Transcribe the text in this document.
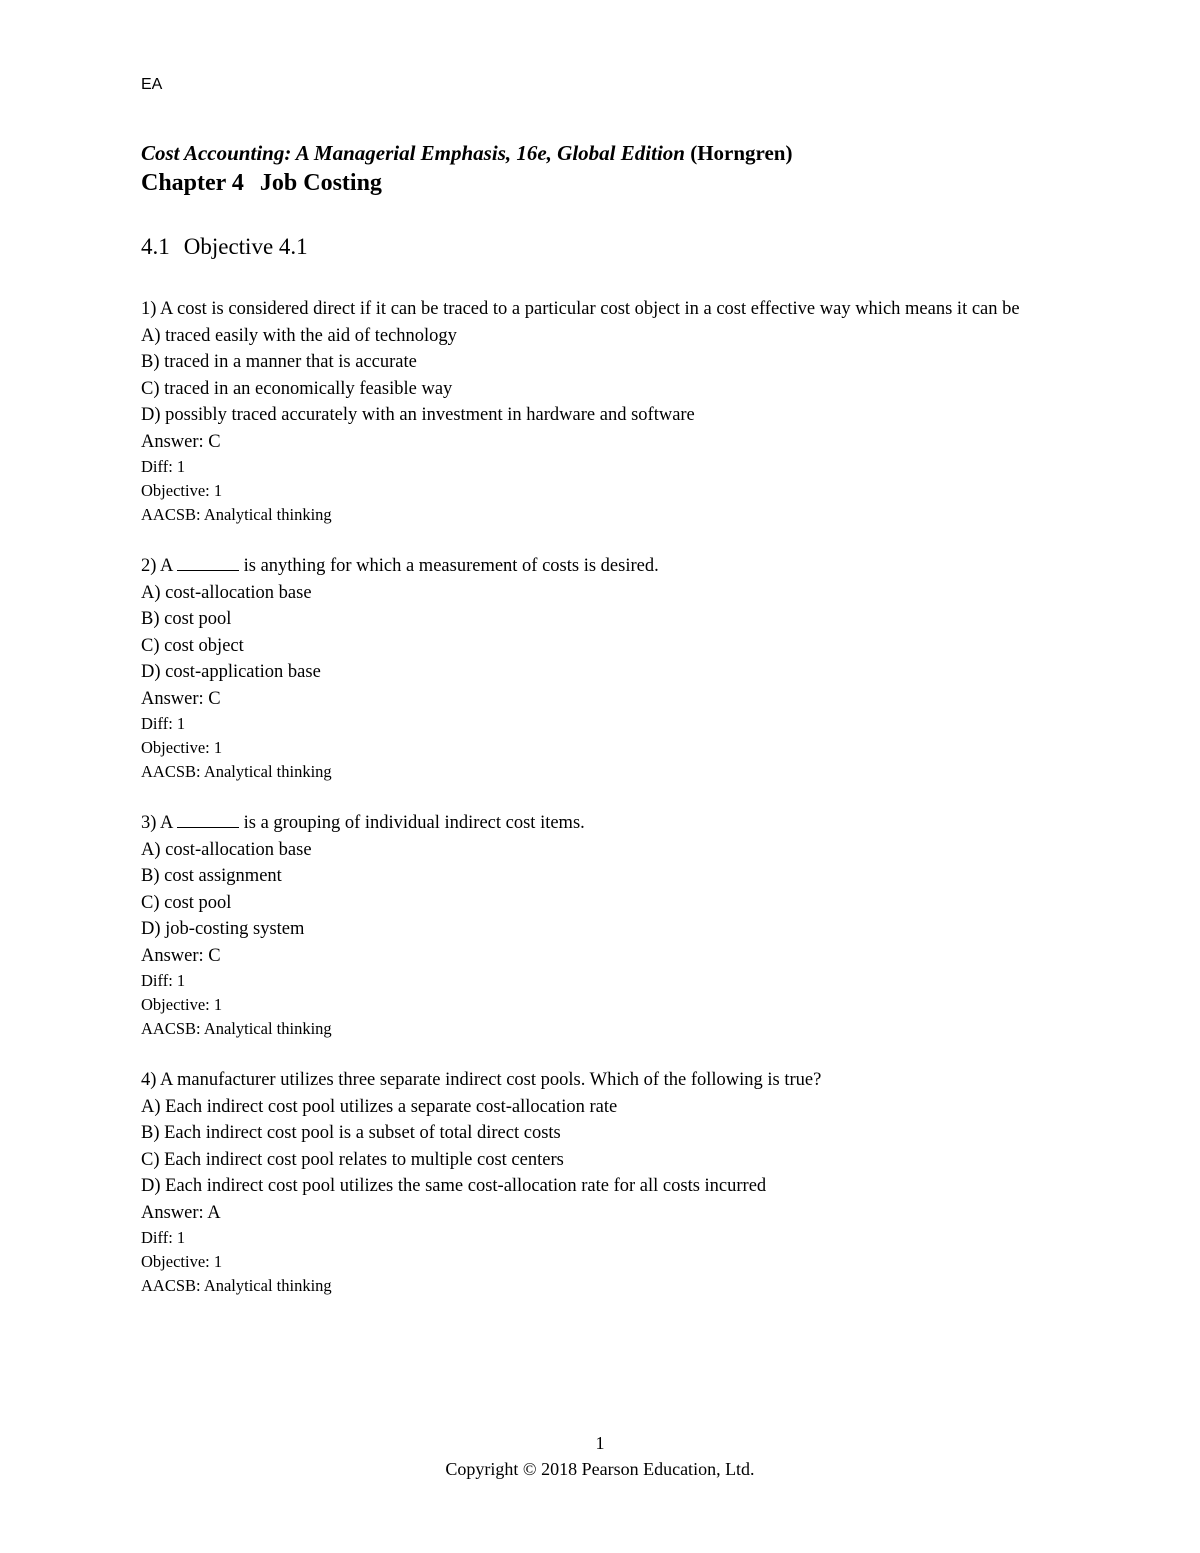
EA
Cost Accounting: A Managerial Emphasis, 16e, Global Edition (Horngren)
Chapter 4 Job Costing
4.1 Objective 4.1
1) A cost is considered direct if it can be traced to a particular cost object in a cost effective way which means it can be
A) traced easily with the aid of technology
B) traced in a manner that is accurate
C) traced in an economically feasible way
D) possibly traced accurately with an investment in hardware and software
Answer: C
Diff: 1
Objective: 1
AACSB: Analytical thinking
2) A	is anything for which a measurement of costs is desired.
A) cost-allocation base
B) cost pool
C) cost object
D) cost-application base
Answer: C
Diff: 1
Objective: 1
AACSB: Analytical thinking
3) A	is a grouping of individual indirect cost items.
A) cost-allocation base
B) cost assignment
C) cost pool
D) job-costing system
Answer: C
Diff: 1
Objective: 1
AACSB: Analytical thinking
4) A manufacturer utilizes three separate indirect cost pools. Which of the following is true?
A) Each indirect cost pool utilizes a separate cost-allocation rate
B) Each indirect cost pool is a subset of total direct costs
C) Each indirect cost pool relates to multiple cost centers
D) Each indirect cost pool utilizes the same cost-allocation rate for all costs incurred
Answer: A
Diff: 1
Objective: 1
AACSB: Analytical thinking
1
Copyright © 2018 Pearson Education, Ltd.
